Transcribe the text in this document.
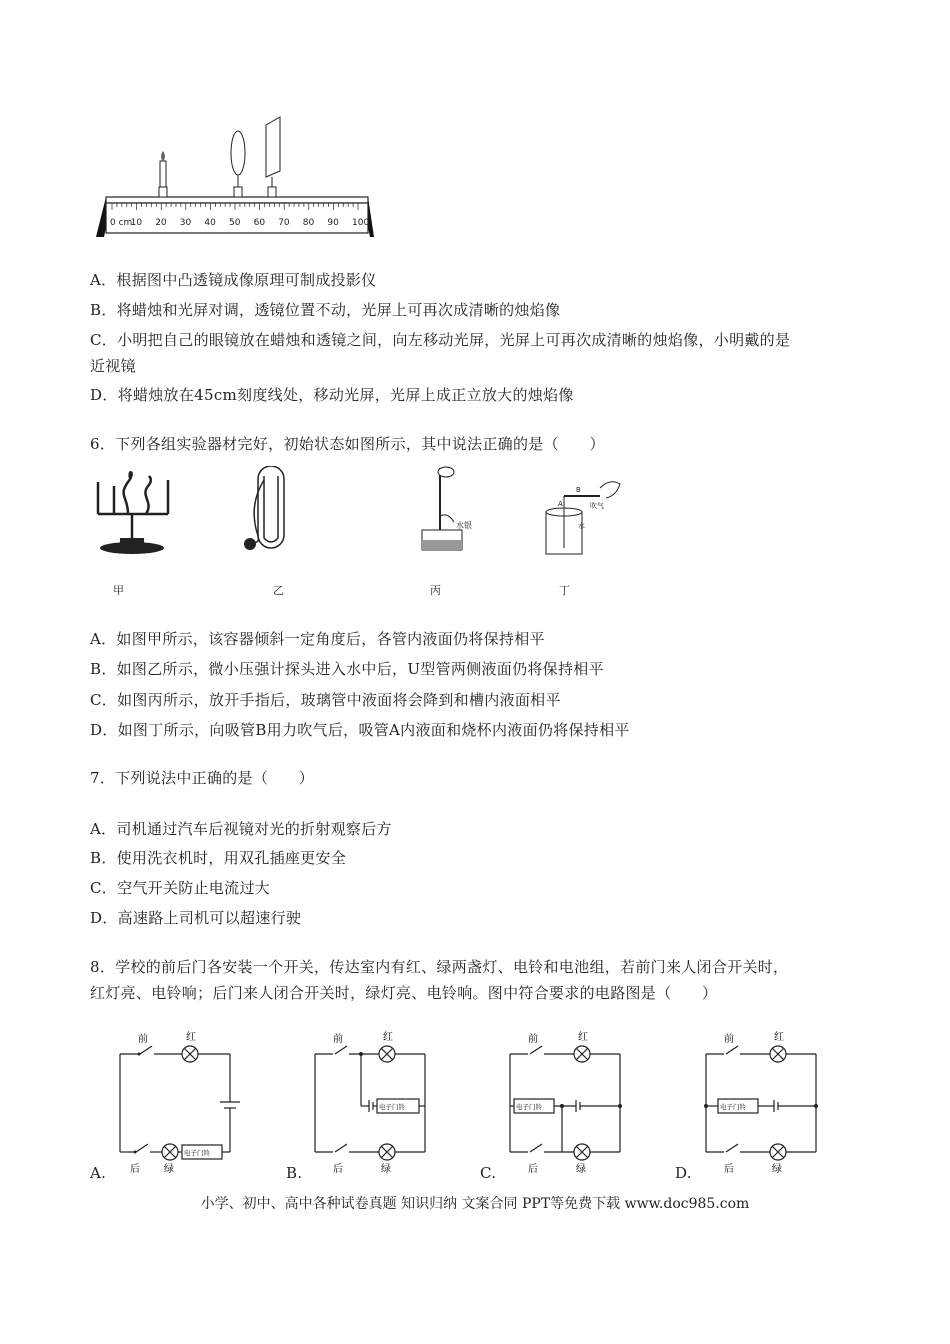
0 cm
10 20 30 40 50 60 70 80 90 100
A．根据图中凸透镜成像原理可制成投影仪
B．将蜡烛和光屏对调，透镜位置不动，光屏上可再次成清晰的烛焰像
C．小明把自己的眼镜放在蜡烛和透镜之间，向左移动光屏，光屏上可再次成清晰的烛焰像，小明戴的是
近视镜
D．将蜡烛放在45cm刻度线处，移动光屏，光屏上成正立放大的烛焰像
6．下列各组实验器材完好，初始状态如图所示，其中说法正确的是（　　）
水银
B
A	吹气
水
甲	乙	丙	丁
A．如图甲所示，该容器倾斜一定角度后，各管内液面仍将保持相平
B．如图乙所示，微小压强计探头进入水中后，U型管两侧液面仍将保持相平
C．如图丙所示，放开手指后，玻璃管中液面将会降到和槽内液面相平
D．如图丁所示，向吸管B用力吹气后，吸管A内液面和烧杯内液面仍将保持相平
7．下列说法中正确的是（　　）
A．司机通过汽车后视镜对光的折射观察后方
B．使用洗衣机时，用双孔插座更安全
C．空气开关防止电流过大
D．高速路上司机可以超速行驶
8．学校的前后门各安装一个开关，传达室内有红、绿两盏灯、电铃和电池组，若前门来人闭合开关时，
红灯亮、电铃响；后门来人闭合开关时，绿灯亮、电铃响。图中符合要求的电路图是（　　）
前	红
后 绿
电子门铃
前	红
后	绿
电子门铃
前	红
后	绿
电子门铃
前	红
后	绿
电子门铃
A.	B.	C.	D.
小学、初中、高中各种试卷真题 知识归纳 文案合同 PPT等免费下载 www.doc985.com
